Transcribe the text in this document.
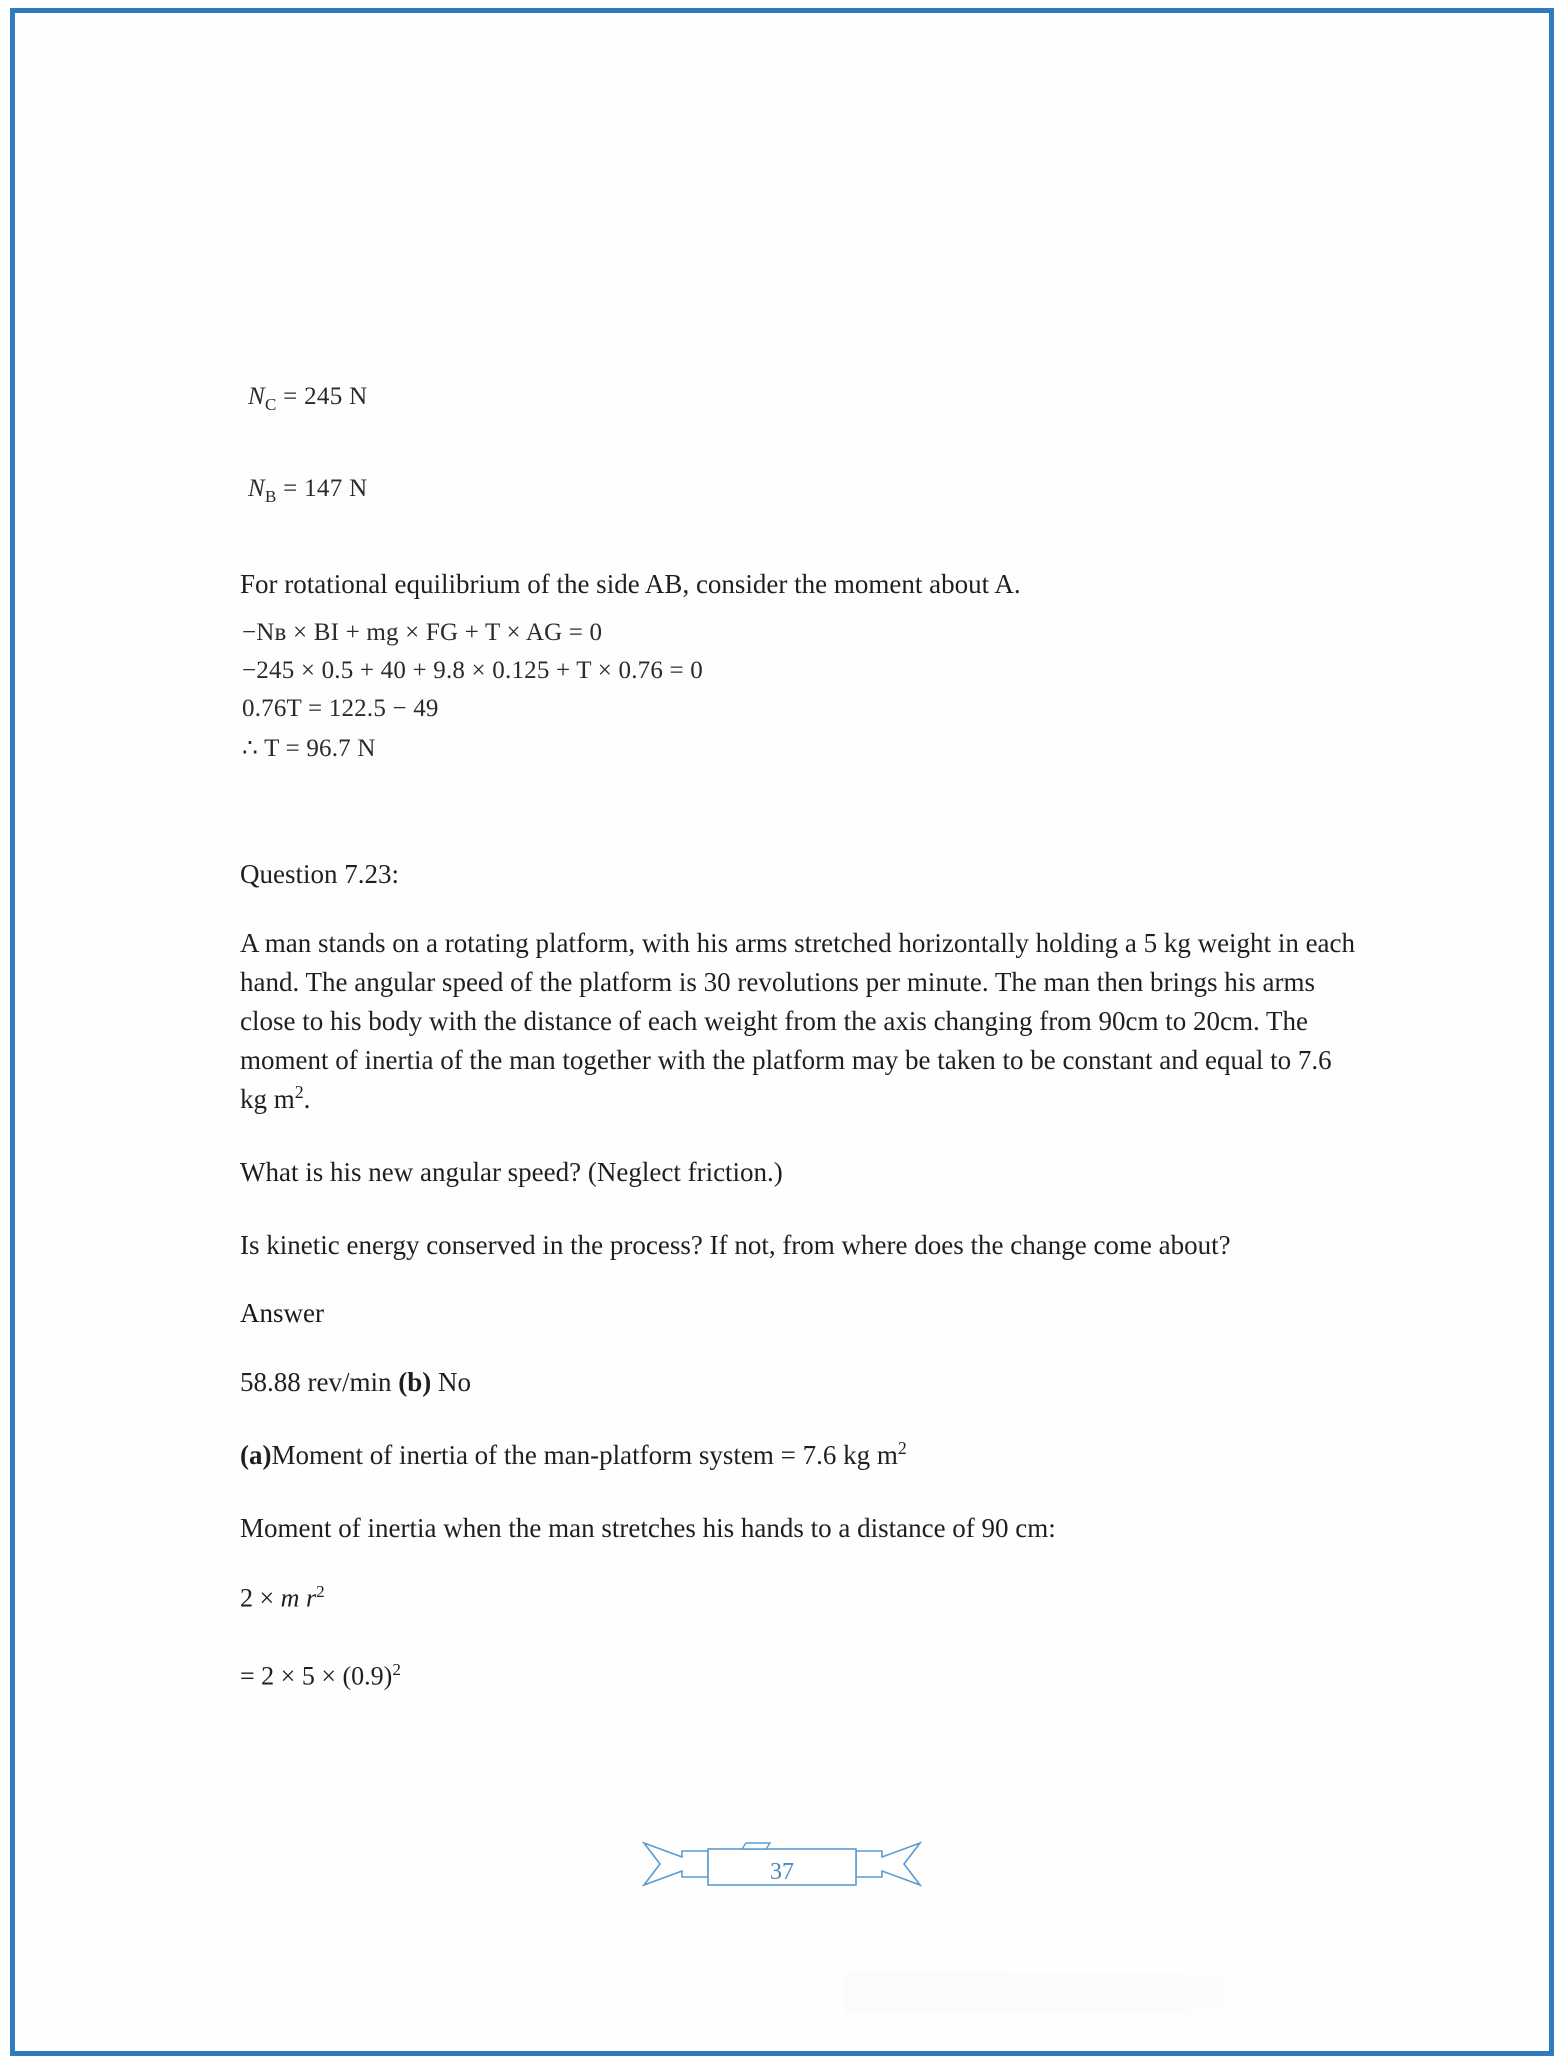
$N_C = 245$ N
$N_B = 147$ N

For rotational equilibrium of the side AB, consider the moment about A.

−Nʙ × BI + mg × FG + T × AG = 0
−245 × 0.5 + 40 + 9.8 × 0.125 + T × 0.76 = 0
0.76T = 122.5 − 49
∴ T = 96.7 N

Question 7.23:

A man stands on a rotating platform, with his arms stretched horizontally holding a 5 kg weight in each hand. The angular speed of the platform is 30 revolutions per minute. The man then brings his arms close to his body with the distance of each weight from the axis changing from 90cm to 20cm. The moment of inertia of the man together with the platform may be taken to be constant and equal to 7.6 kg $m^2$.

What is his new angular speed? (Neglect friction.)

Is kinetic energy conserved in the process? If not, from where does the change come about?

Answer

58.88 rev/min (b) No

(a)Moment of inertia of the man-platform system = 7.6 kg $m^2$

Moment of inertia when the man stretches his hands to a distance of 90 cm:

2 × m $r^2$

= $2 \times 5 \times (0.9)^2$

37
